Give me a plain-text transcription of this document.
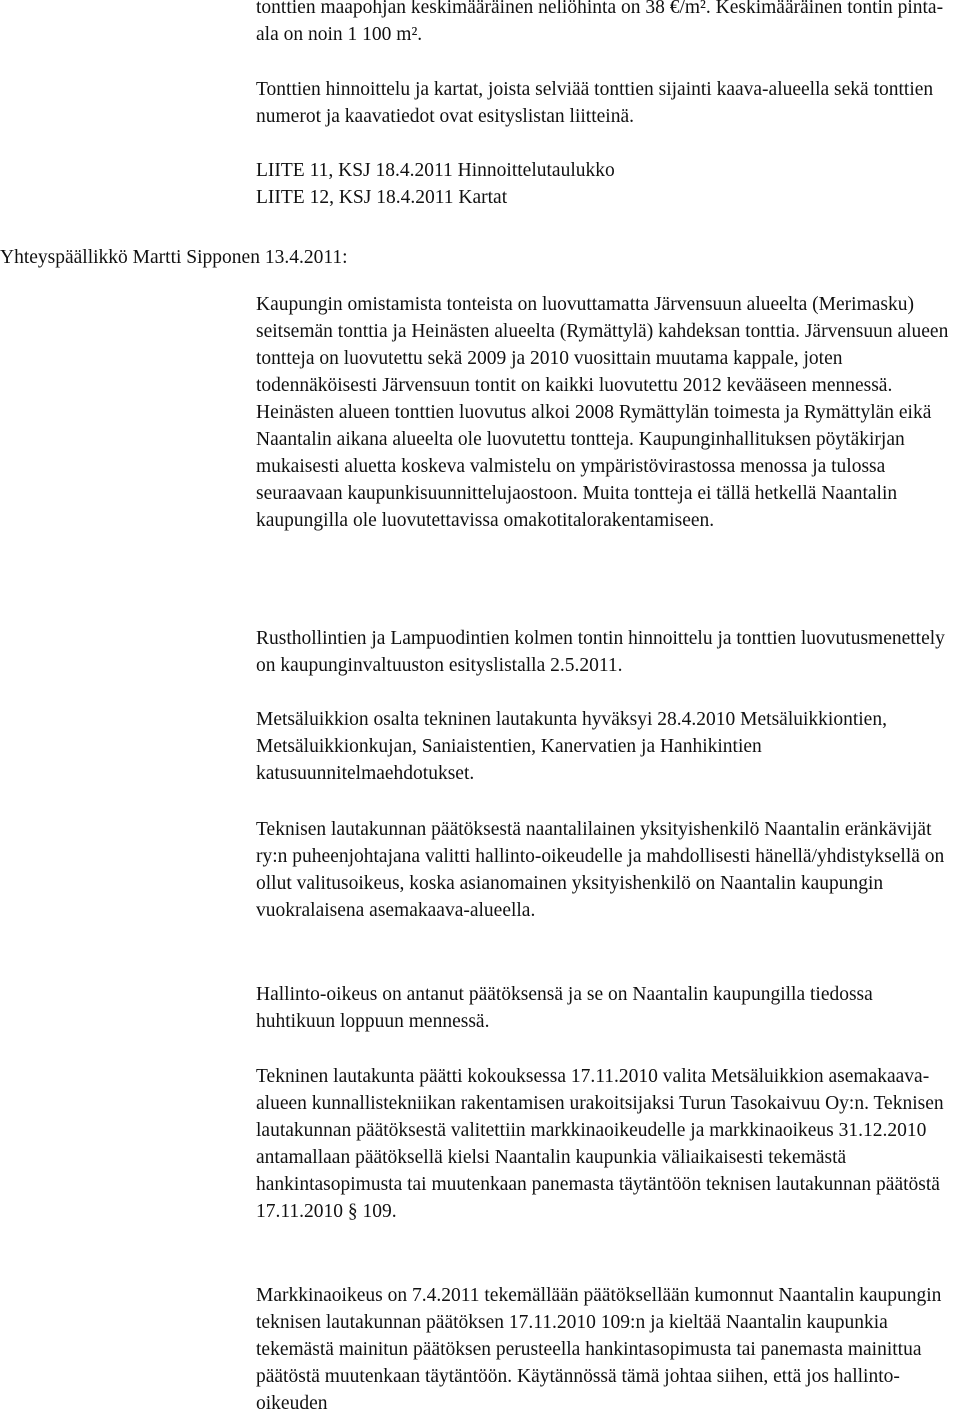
tonttien maapohjan keskimääräinen neliöhinta on 38 €/m². Keskimääräinen tontin pinta-ala on noin 1 100 m².

Tonttien hinnoittelu ja kartat, joista selviää tonttien sijainti kaava-alueella sekä tonttien numerot ja kaavatiedot ovat esityslistan liitteinä.

LIITE 11, KSJ 18.4.2011 Hinnoittelutaulukko

LIITE 12, KSJ 18.4.2011 Kartat

Yhteyspäällikkö Martti Sipponen 13.4.2011:

Kaupungin omistamista tonteista on luovuttamatta Järvensuun alueelta (Merimasku) seitsemän tonttia ja Heinästen alueelta (Rymättylä) kahdeksan tonttia. Järvensuun alueen tontteja on luovutettu sekä 2009 ja 2010 vuosittain muutama kappale, joten todennäköisesti Järvensuun tontit on kaikki luovutettu 2012 kevääseen mennessä. Heinästen alueen tonttien luovutus alkoi 2008 Rymättylän toimesta ja Rymättylän eikä Naantalin aikana alueelta ole luovutettu tontteja. Kaupunginhallituksen pöytäkirjan mukaisesti aluetta koskeva valmistelu on ympäristövirastossa menossa ja tulossa seuraavaan kaupunkisuunnittelujaostoon. Muita tontteja ei tällä hetkellä Naantalin kaupungilla ole luovutettavissa omakotitalorakentamiseen.

Rusthollintien ja Lampuodintien kolmen tontin hinnoittelu ja tonttien luovutusmenettely on kaupunginvaltuuston esityslistalla 2.5.2011.

Metsäluikkion osalta tekninen lautakunta hyväksyi 28.4.2010 Metsäluikkiontien, Metsäluikkionkujan, Saniaistentien, Kanervatien ja Hanhikintien katusuunnitelmaehdotukset.

Teknisen lautakunnan päätöksestä naantalilainen yksityishenkilö Naantalin eränkävijät ry:n puheenjohtajana valitti hallinto-oikeudelle ja mahdollisesti hänellä/yhdistyksellä on ollut valitusoikeus, koska asianomainen yksityishenkilö on Naantalin kaupungin vuokralaisena asemakaava-alueella.

Hallinto-oikeus on antanut päätöksensä ja se on Naantalin kaupungilla tiedossa huhtikuun loppuun mennessä.

Tekninen lautakunta päätti kokouksessa 17.11.2010 valita Metsäluikkion asemakaava-alueen kunnallistekniikan rakentamisen urakoitsijaksi Turun Tasokaivuu Oy:n. Teknisen lautakunnan päätöksestä valitettiin markkinaoikeudelle ja markkinaoikeus 31.12.2010 antamallaan päätöksellä kielsi Naantalin kaupunkia väliaikaisesti tekemästä hankintasopimusta tai muutenkaan panemasta täytäntöön teknisen lautakunnan päätöstä 17.11.2010 § 109.

Markkinaoikeus on 7.4.2011 tekemällään päätöksellään kumonnut Naantalin kaupungin teknisen lautakunnan päätöksen 17.11.2010 109:n ja kieltää Naantalin kaupunkia tekemästä mainitun päätöksen perusteella hankintasopimusta tai panemasta mainittua päätöstä muutenkaan täytäntöön. Käytännössä tämä johtaa siihen, että jos hallinto-oikeuden
